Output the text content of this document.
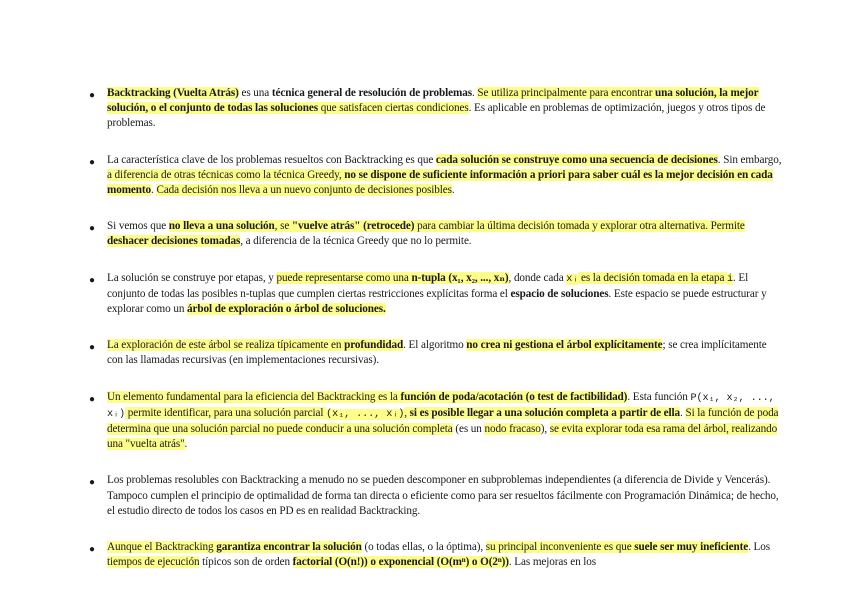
● Backtracking (Vuelta Atrás) es una técnica general de resolución de problemas. Se utiliza principalmente para encontrar una solución, la mejor solución, o el conjunto de todas las soluciones que satisfacen ciertas condiciones. Es aplicable en problemas de optimización, juegos y otros tipos de problemas.
● La característica clave de los problemas resueltos con Backtracking es que cada solución se construye como una secuencia de decisiones. Sin embargo, a diferencia de otras técnicas como la técnica Greedy, no se dispone de suficiente información a priori para saber cuál es la mejor decisión en cada momento. Cada decisión nos lleva a un nuevo conjunto de decisiones posibles.
● Si vemos que no lleva a una solución, se "vuelve atrás" (retrocede) para cambiar la última decisión tomada y explorar otra alternativa. Permite deshacer decisiones tomadas, a diferencia de la técnica Greedy que no lo permite.
● La solución se construye por etapas, y puede representarse como una n-tupla (x₁, x₂, ..., xₙ), donde cada xᵢ es la decisión tomada en la etapa i. El conjunto de todas las posibles n-tuplas que cumplen ciertas restricciones explícitas forma el espacio de soluciones. Este espacio se puede estructurar y explorar como un árbol de exploración o árbol de soluciones.
● La exploración de este árbol se realiza típicamente en profundidad. El algoritmo no crea ni gestiona el árbol explícitamente; se crea implícitamente con las llamadas recursivas (en implementaciones recursivas).
● Un elemento fundamental para la eficiencia del Backtracking es la función de poda/acotación (o test de factibilidad). Esta función P(x₁, x₂, ..., xᵢ) permite identificar, para una solución parcial (x₁, ..., xᵢ), si es posible llegar a una solución completa a partir de ella. Si la función de poda determina que una solución parcial no puede conducir a una solución completa (es un nodo fracaso), se evita explorar toda esa rama del árbol, realizando una "vuelta atrás".
● Los problemas resolubles con Backtracking a menudo no se pueden descomponer en subproblemas independientes (a diferencia de Divide y Vencerás). Tampoco cumplen el principio de optimalidad de forma tan directa o eficiente como para ser resueltos fácilmente con Programación Dinámica; de hecho, el estudio directo de todos los casos en PD es en realidad Backtracking.
● Aunque el Backtracking garantiza encontrar la solución (o todas ellas, o la óptima), su principal inconveniente es que suele ser muy ineficiente. Los tiempos de ejecución típicos son de orden factorial (O(n!)) o exponencial (O(mⁿ) o O(2ⁿ)). Las mejoras en los
